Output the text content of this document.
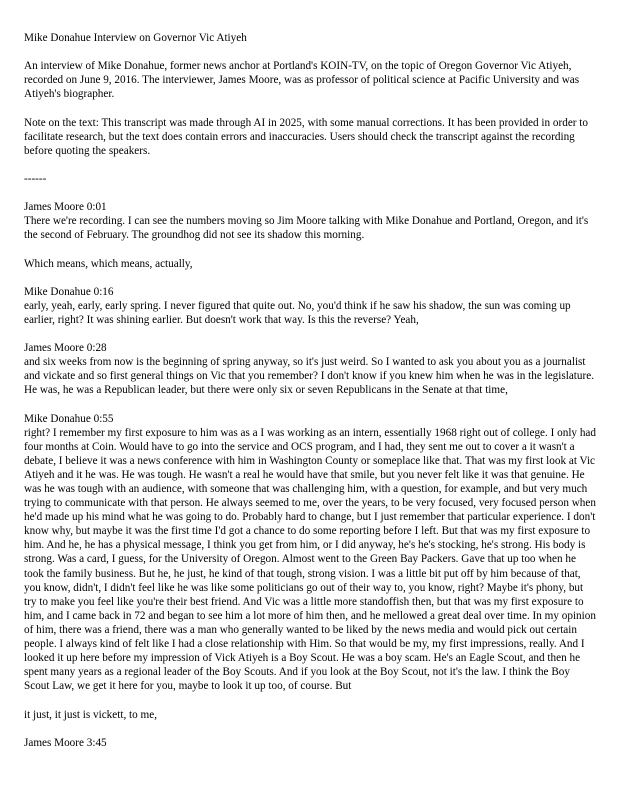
Mike Donahue Interview on Governor Vic Atiyeh

An interview of Mike Donahue, former news anchor at Portland's KOIN-TV, on the topic of Oregon Governor Vic Atiyeh, recorded on June 9, 2016. The interviewer, James Moore, was as professor of political science at Pacific University and was Atiyeh's biographer.

Note on the text: This transcript was made through AI in 2025, with some manual corrections. It has been provided in order to facilitate research, but the text does contain errors and inaccuracies. Users should check the transcript against the recording before quoting the speakers.

------

James Moore 0:01

There we're recording. I can see the numbers moving so Jim Moore talking with Mike Donahue and Portland, Oregon, and it's the second of February. The groundhog did not see its shadow this morning.

Which means, which means, actually,

Mike Donahue 0:16

early, yeah, early, early spring. I never figured that quite out. No, you'd think if he saw his shadow, the sun was coming up earlier, right? It was shining earlier. But doesn't work that way. Is this the reverse? Yeah,

James Moore 0:28

and six weeks from now is the beginning of spring anyway, so it's just weird. So I wanted to ask you about you as a journalist and vickate and so first general things on Vic that you remember? I don't know if you knew him when he was in the legislature. He was, he was a Republican leader, but there were only six or seven Republicans in the Senate at that time,

Mike Donahue 0:55

right? I remember my first exposure to him was as a I was working as an intern, essentially 1968 right out of college. I only had four months at Coin. Would have to go into the service and OCS program, and I had, they sent me out to cover a it wasn't a debate, I believe it was a news conference with him in Washington County or someplace like that. That was my first look at Vic Atiyeh and it he was. He was tough. He wasn't a real he would have that smile, but you never felt like it was that genuine. He was he was tough with an audience, with someone that was challenging him, with a question, for example, and but very much trying to communicate with that person. He always seemed to me, over the years, to be very focused, very focused person when he'd made up his mind what he was going to do. Probably hard to change, but I just remember that particular experience. I don't know why, but maybe it was the first time I'd got a chance to do some reporting before I left. But that was my first exposure to him. And he, he has a physical message, I think you get from him, or I did anyway, he's he's stocking, he's strong. His body is strong. Was a card, I guess, for the University of Oregon. Almost went to the Green Bay Packers. Gave that up too when he took the family business. But he, he just, he kind of that tough, strong vision. I was a little bit put off by him because of that, you know, didn't, I didn't feel like he was like some politicians go out of their way to, you know, right? Maybe it's phony, but try to make you feel like you're their best friend. And Vic was a little more standoffish then, but that was my first exposure to him, and I came back in 72 and began to see him a lot more of him then, and he mellowed a great deal over time. In my opinion of him, there was a friend, there was a man who generally wanted to be liked by the news media and would pick out certain people. I always kind of felt like I had a close relationship with Him. So that would be my, my first impressions, really. And I looked it up here before my impression of Vick Atiyeh is a Boy Scout. He was a boy scam. He's an Eagle Scout, and then he spent many years as a regional leader of the Boy Scouts. And if you look at the Boy Scout, not it's the law. I think the Boy Scout Law, we get it here for you, maybe to look it up too, of course. But

it just, it just is vickett, to me,

James Moore 3:45
